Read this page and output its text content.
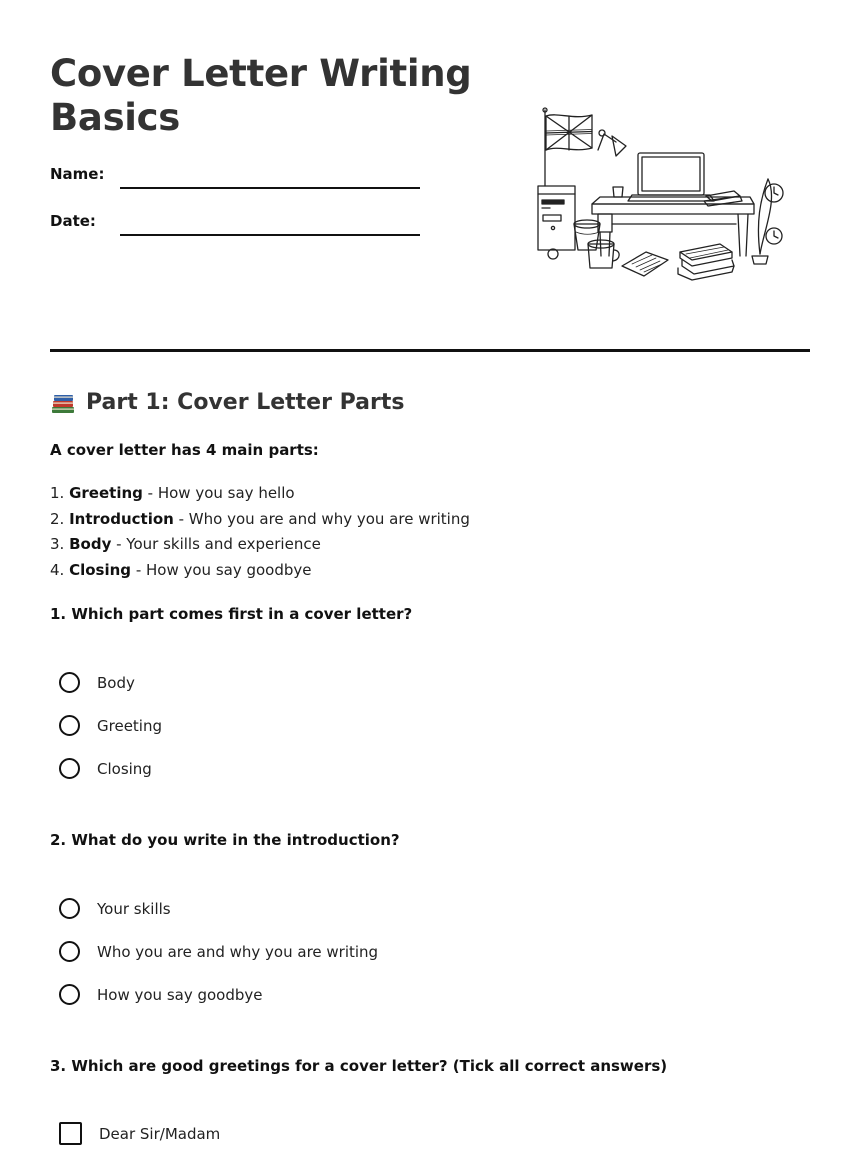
Cover Letter Writing Basics
Name:
Date:
Part 1: Cover Letter Parts
A cover letter has 4 main parts:
1. Greeting - How you say hello
2. Introduction - Who you are and why you are writing
3. Body - Your skills and experience
4. Closing - How you say goodbye
1. Which part comes first in a cover letter?
Body
Greeting
Closing
2. What do you write in the introduction?
Your skills
Who you are and why you are writing
How you say goodbye
3. Which are good greetings for a cover letter? (Tick all correct answers)
Dear Sir/Madam
